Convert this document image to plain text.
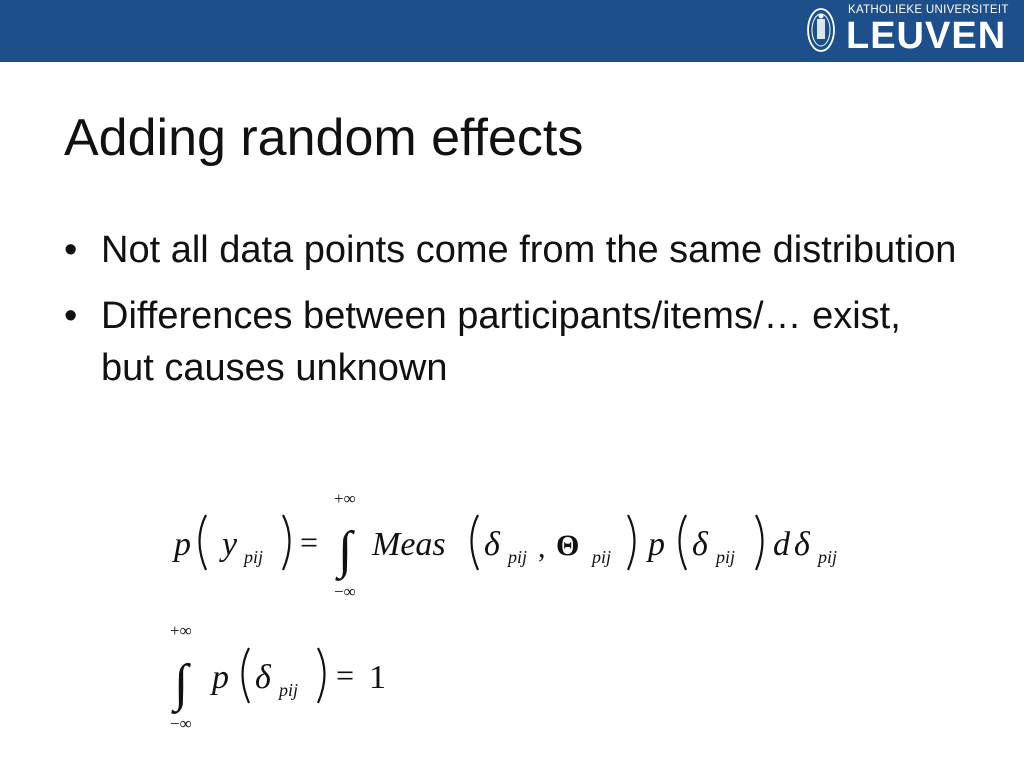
KATHOLIEKE UNIVERSITEIT
LEUVEN
Adding random effects
• Not all data points come from the same distribution
• Differences between participants/items/… exist, but causes unknown
p y pij =
+∞
∫
−∞
Meas δ pij , Θ pij p δ pij d δ pij
+∞
∫
−∞
p δ pij = 1
